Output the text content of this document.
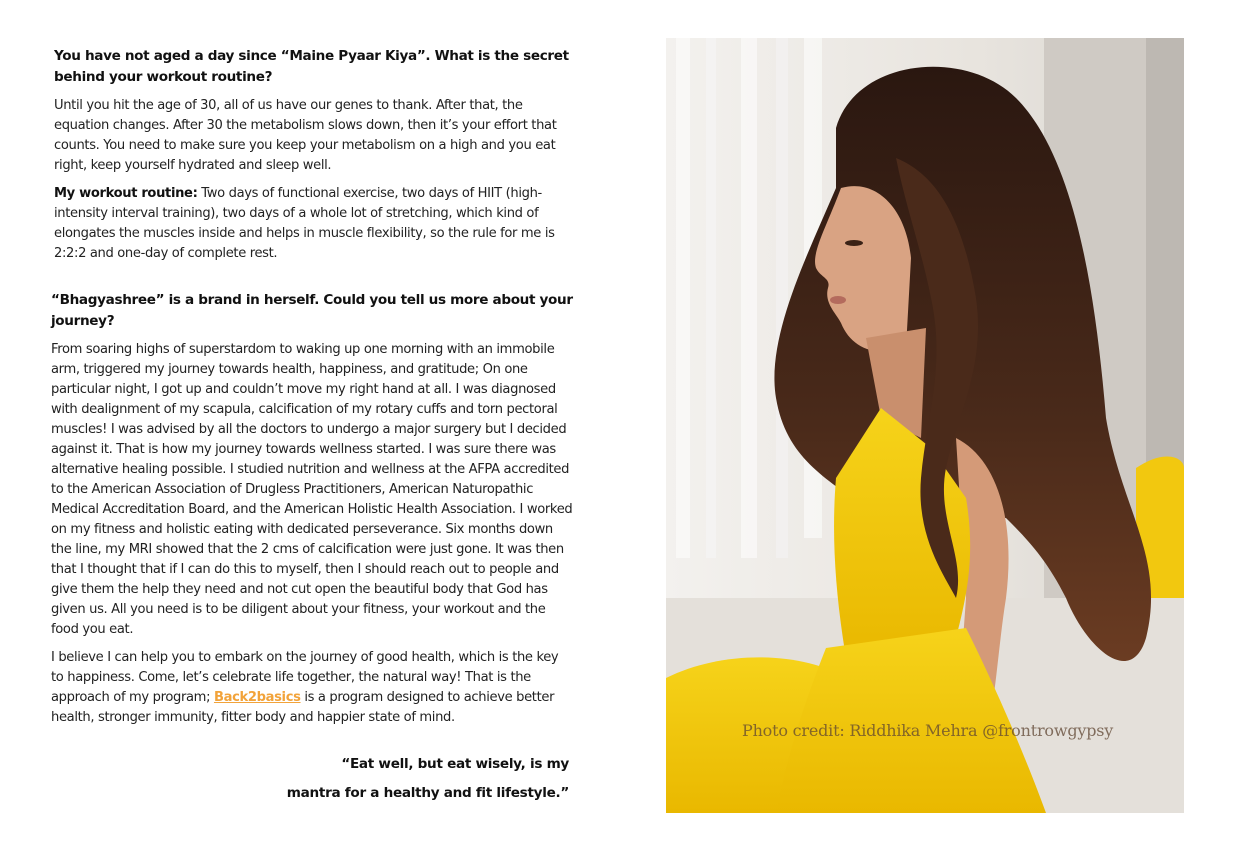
You have not aged a day since “Maine Pyaar Kiya”. What is the secret behind your workout routine?

Until you hit the age of 30, all of us have our genes to thank. After that, the equation changes. After 30 the metabolism slows down, then it’s your effort that counts. You need to make sure you keep your metabolism on a high and you eat right, keep yourself hydrated and sleep well.

My workout routine: Two days of functional exercise, two days of HIIT (high-intensity interval training), two days of a whole lot of stretching, which kind of elongates the muscles inside and helps in muscle flexibility, so the rule for me is 2:2:2 and one-day of complete rest.

“Bhagyashree” is a brand in herself. Could you tell us more about your journey?

From soaring highs of superstardom to waking up one morning with an immobile arm, triggered my journey towards health, happiness, and gratitude; On one particular night, I got up and couldn’t move my right hand at all. I was diagnosed with dealignment of my scapula, calcification of my rotary cuffs and torn pectoral muscles! I was advised by all the doctors to undergo a major surgery but I decided against it. That is how my journey towards wellness started. I was sure there was alternative healing possible. I studied nutrition and wellness at the AFPA accredited to the American Association of Drugless Practitioners, American Naturopathic Medical Accreditation Board, and the American Holistic Health Association. I worked on my fitness and holistic eating with dedicated perseverance. Six months down the line, my MRI showed that the 2 cms of calcification were just gone. It was then that I thought that if I can do this to myself, then I should reach out to people and give them the help they need and not cut open the beautiful body that God has given us. All you need is to be diligent about your fitness, your workout and the food you eat.

I believe I can help you to embark on the journey of good health, which is the key to happiness. Come, let’s celebrate life together, the natural way! That is the approach of my program; Back2basics is a program designed to achieve better health, stronger immunity, fitter body and happier state of mind.

“Eat well, but eat wisely, is my
mantra for a healthy and fit lifestyle.”
Photo credit: Riddhika Mehra @frontrowgypsy
